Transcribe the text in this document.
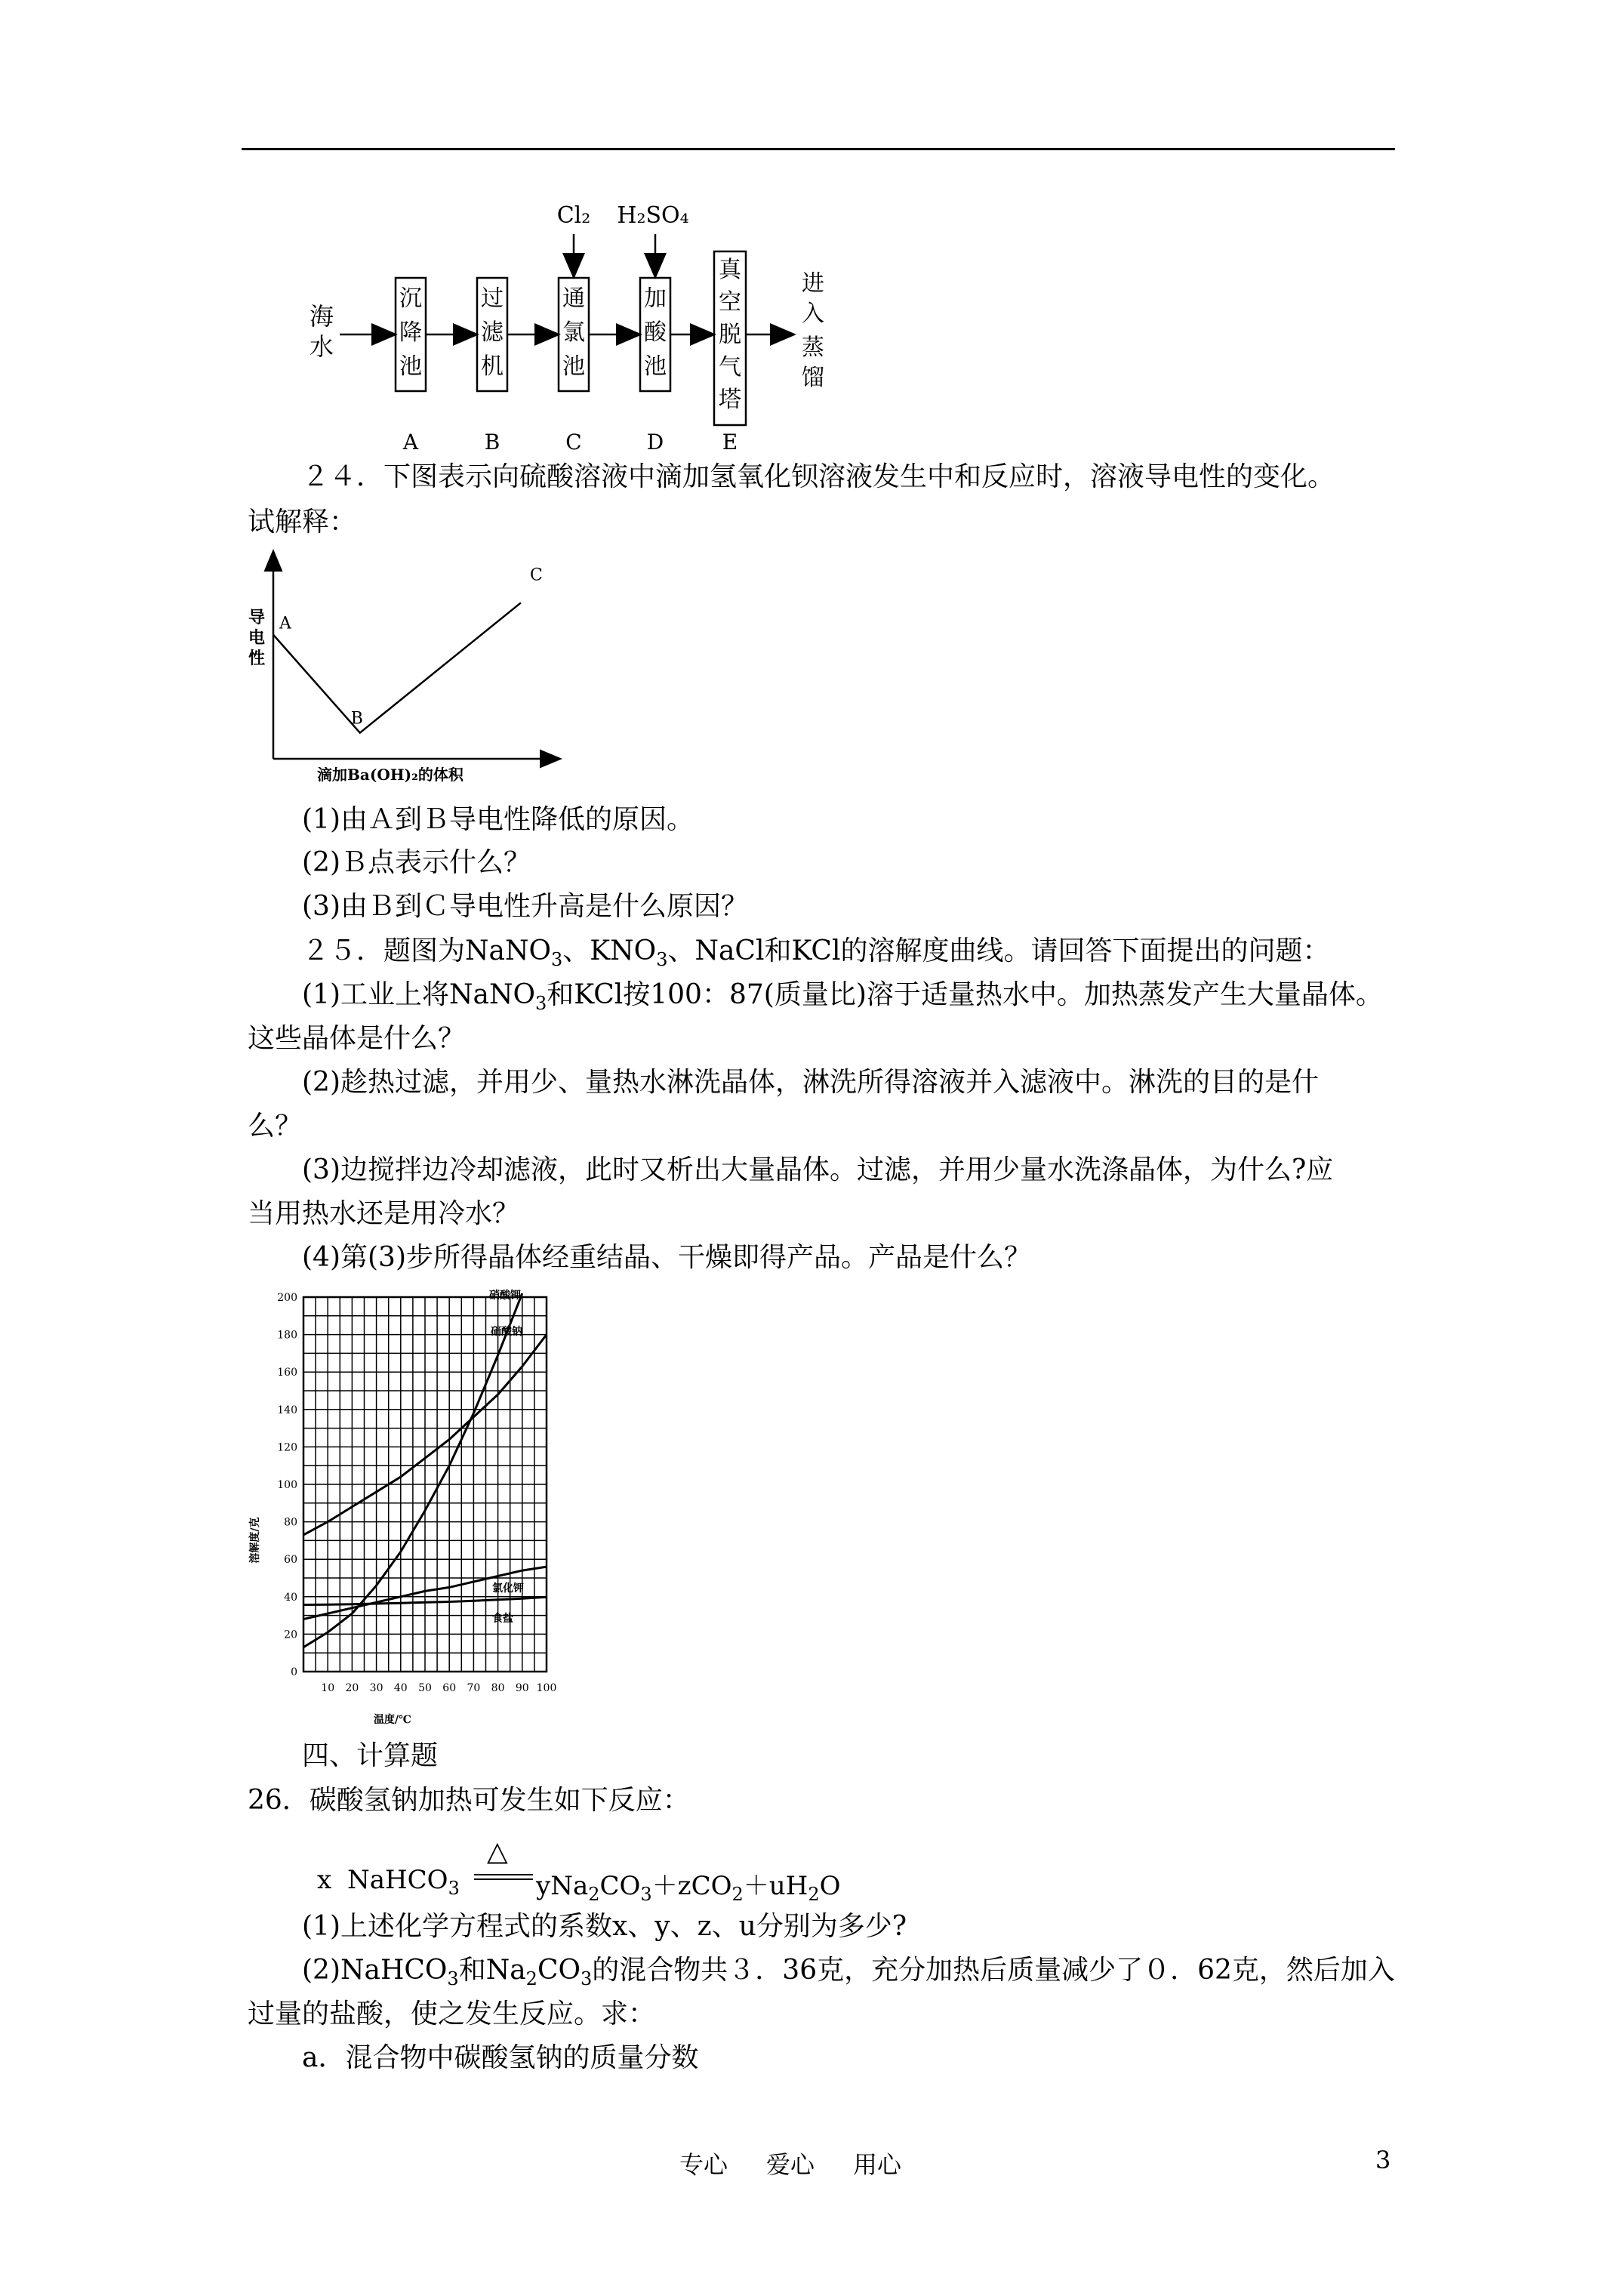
海
水
沉
降
池
过
滤
机
Cl₂
通
氯
池
H₂SO₄
加
酸
池
真
空
脱
气
塔
进
入
蒸
馏
A	B	C	D	E
２４．下图表示向硫酸溶液中滴加氢氧化钡溶液发生中和反应时，溶液导电性的变化。
试解释：
导
电
性
滴加Ba(OH)₂的体积
A
B
C
(1)由Ａ到Ｂ导电性降低的原因。
(2)Ｂ点表示什么？
(3)由Ｂ到Ｃ导电性升高是什么原因？
２５．题图为NaNO$_3$、$KNO_3$、NaCl和KCl的溶解度曲线。请回答下面提出的问题：
(1)工业上将NaNO$_3$和KCl按100：87(质量比)溶于适量热水中。加热蒸发产生大量晶体。
这些晶体是什么？
(2)趁热过滤，并用少、量热水淋洗晶体，淋洗所得溶液并入滤液中。淋洗的目的是什
么？
(3)边搅拌边冷却滤液，此时又析出大量晶体。过滤，并用少量水洗涤晶体，为什么?应
当用热水还是用冷水？
(4)第(3)步所得晶体经重结晶、干燥即得产品。产品是什么？
0
20
40
60
80
100
120
140
160
180
200
10 20 30 40 50 60 70 80 90 100
硝酸钾
硝酸钠
氯化钾
食盐
溶解度/克
温度/℃
四、计算题
26．碳酸氢钠加热可发生如下反应：
x NaHCO$_3$
△
$yNa_2CO_3+zCO_2+uH_2O$
(1)上述化学方程式的系数x、y、z、u分别为多少?
(2)NaHCO$_3$和$Na_2CO_3$的混合物共３．36克，充分加热后质量减少了０．62克，然后加入
过量的盐酸，使之发生反应。求：
a．混合物中碳酸氢钠的质量分数
专心 爱心 用心	3
